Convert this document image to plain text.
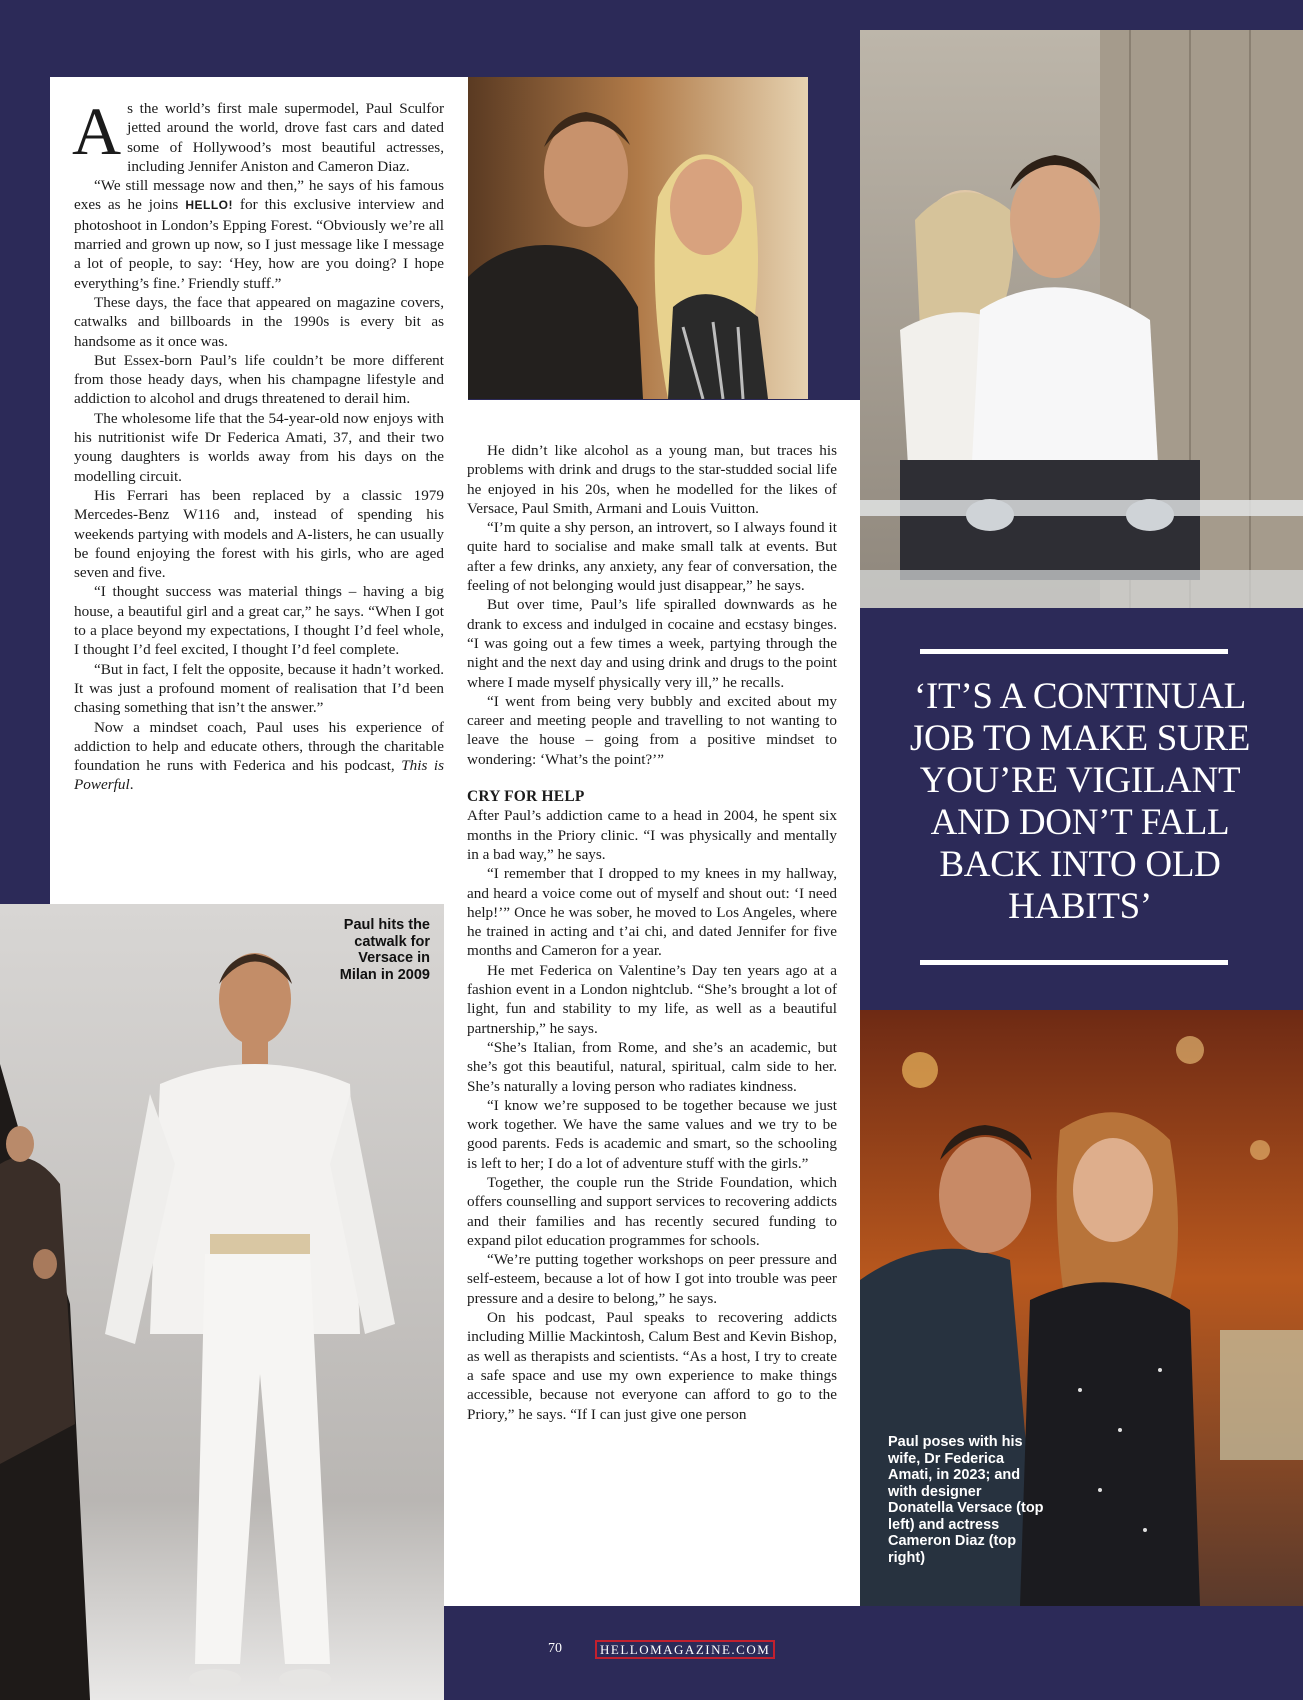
As the world’s first male supermodel, Paul Sculfor jetted around the world, drove fast cars and dated some of Hollywood’s most beautiful actresses, including Jennifer Aniston and Cameron Diaz.

“We still message now and then,” he says of his famous exes as he joins HELLO! for this exclusive interview and photoshoot in London’s Epping Forest. “Obviously we’re all married and grown up now, so I just message like I message a lot of people, to say: ‘Hey, how are you doing? I hope everything’s fine.’ Friendly stuff.”

These days, the face that appeared on magazine covers, catwalks and billboards in the 1990s is every bit as handsome as it once was.

But Essex-born Paul’s life couldn’t be more different from those heady days, when his champagne lifestyle and addiction to alcohol and drugs threatened to derail him.

The wholesome life that the 54-year-old now enjoys with his nutritionist wife Dr Federica Amati, 37, and their two young daughters is worlds away from his days on the modelling circuit.

His Ferrari has been replaced by a classic 1979 Mercedes-Benz W116 and, instead of spending his weekends partying with models and A-listers, he can usually be found enjoying the forest with his girls, who are aged seven and five.

“I thought success was material things – having a big house, a beautiful girl and a great car,” he says. “When I got to a place beyond my expectations, I thought I’d feel whole, I thought I’d feel excited, I thought I’d feel complete.

“But in fact, I felt the opposite, because it hadn’t worked. It was just a profound moment of realisation that I’d been chasing something that isn’t the answer.”

Now a mindset coach, Paul uses his experience of addiction to help and educate others, through the charitable foundation he runs with Federica and his podcast, This is Powerful.

He didn’t like alcohol as a young man, but traces his problems with drink and drugs to the star-studded social life he enjoyed in his 20s, when he modelled for the likes of Versace, Paul Smith, Armani and Louis Vuitton.

“I’m quite a shy person, an introvert, so I always found it quite hard to socialise and make small talk at events. But after a few drinks, any anxiety, any fear of conversation, the feeling of not belonging would just disappear,” he says.

But over time, Paul’s life spiralled downwards as he drank to excess and indulged in cocaine and ecstasy binges. “I was going out a few times a week, partying through the night and the next day and using drink and drugs to the point where I made myself physically very ill,” he recalls.

“I went from being very bubbly and excited about my career and meeting people and travelling to not wanting to leave the house – going from a positive mindset to wondering: ‘What’s the point?’”

CRY FOR HELP

After Paul’s addiction came to a head in 2004, he spent six months in the Priory clinic. “I was physically and mentally in a bad way,” he says.

“I remember that I dropped to my knees in my hallway, and heard a voice come out of myself and shout out: ‘I need help!’” Once he was sober, he moved to Los Angeles, where he trained in acting and t’ai chi, and dated Jennifer for five months and Cameron for a year.

He met Federica on Valentine’s Day ten years ago at a fashion event in a London nightclub. “She’s brought a lot of light, fun and stability to my life, as well as a beautiful partnership,” he says.

“She’s Italian, from Rome, and she’s an academic, but she’s got this beautiful, natural, spiritual, calm side to her. She’s naturally a loving person who radiates kindness.

“I know we’re supposed to be together because we just work together. We have the same values and we try to be good parents. Feds is academic and smart, so the schooling is left to her; I do a lot of adventure stuff with the girls.”

Together, the couple run the Stride Foundation, which offers counselling and support services to recovering addicts and their families and has recently secured funding to expand pilot education programmes for schools.

“We’re putting together workshops on peer pressure and self-esteem, because a lot of how I got into trouble was peer pressure and a desire to belong,” he says.

On his podcast, Paul speaks to recovering addicts including Millie Mackintosh, Calum Best and Kevin Bishop, as well as therapists and scientists. “As a host, I try to create a safe space and use my own experience to make things accessible, because not everyone can afford to go to the Priory,” he says. “If I can just give one person

Paul hits the catwalk for Versace in Milan in 2009
Paul poses with his wife, Dr Federica Amati, in 2023; and with designer Donatella Versace (top left) and actress Cameron Diaz (top right)
‘IT’S A CONTINUAL JOB TO MAKE SURE YOU’RE VIGILANT AND DON’T FALL BACK INTO OLD HABITS’
70	HELLOMAGAZINE.COM
